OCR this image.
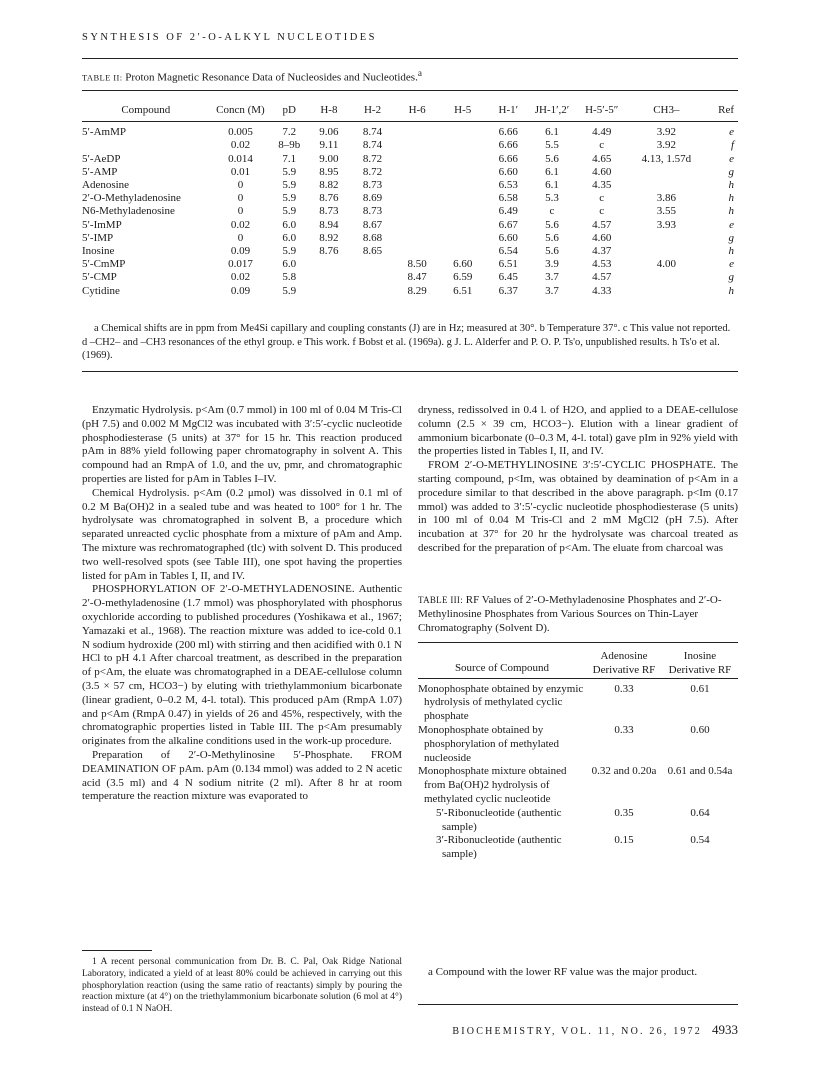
SYNTHESIS OF 2′-O-ALKYL NUCLEOTIDES
TABLE II: Proton Magnetic Resonance Data of Nucleosides and Nucleotides.$^a$
Compound	Concn (M)	pD	H-8	H-2	H-6	H-5	H-1′	JH-1′,2′	H-5′-5″	CH3–	Ref
5′-AmMP	0.005	7.2	9.06	8.74			6.66	6.1	4.49	3.92	e
	0.02	8–9b	9.11	8.74			6.66	5.5	c	3.92	f
5′-AeDP	0.014	7.1	9.00	8.72			6.66	5.6	4.65	4.13, 1.57d	e
5′-AMP	0.01	5.9	8.95	8.72			6.60	6.1	4.60		g
Adenosine	0	5.9	8.82	8.73			6.53	6.1	4.35		h
2′-O-Methyladenosine	0	5.9	8.76	8.69			6.58	5.3	c	3.86	h
N6-Methyladenosine	0	5.9	8.73	8.73			6.49	c	c	3.55	h
5′-ImMP	0.02	6.0	8.94	8.67			6.67	5.6	4.57	3.93	e
5′-IMP	0	6.0	8.92	8.68			6.60	5.6	4.60		g
Inosine	0.09	5.9	8.76	8.65			6.54	5.6	4.37		h
5′-CmMP	0.017	6.0			8.50	6.60	6.51	3.9	4.53	4.00	e
5′-CMP	0.02	5.8			8.47	6.59	6.45	3.7	4.57		g
Cytidine	0.09	5.9			8.29	6.51	6.37	3.7	4.33		h
a Chemical shifts are in ppm from Me4Si capillary and coupling constants (J) are in Hz; measured at 30°. b Temperature 37°. c This value not reported. d –CH2– and –CH3 resonances of the ethyl group. e This work. f Bobst et al. (1969a). g J. L. Alderfer and P. O. P. Ts'o, unpublished results. h Ts'o et al. (1969).

Enzymatic Hydrolysis. p<Am (0.7 mmol) in 100 ml of 0.04 M Tris-Cl (pH 7.5) and 0.002 M MgCl2 was incubated with 3′:5′-cyclic nucleotide phosphodiesterase (5 units) at 37° for 15 hr. This reaction produced pAm in 88% yield following paper chromatography in solvent A. This compound had an RmpA of 1.0, and the uv, pmr, and chromatographic properties are listed for pAm in Tables I–IV.

Chemical Hydrolysis. p<Am (0.2 μmol) was dissolved in 0.1 ml of 0.2 M Ba(OH)2 in a sealed tube and was heated to 100° for 1 hr. The hydrolysate was chromatographed in solvent B, a procedure which separated unreacted cyclic phosphate from a mixture of pAm and Amp. The mixture was rechromatographed (tlc) with solvent D. This produced two well-resolved spots (see Table III), one spot having the properties listed for pAm in Tables I, II, and IV.

PHOSPHORYLATION OF 2′-O-METHYLADENOSINE. Authentic 2′-O-methyladenosine (1.7 mmol) was phosphorylated with phosphorus oxychloride according to published procedures (Yoshikawa et al., 1967; Yamazaki et al., 1968). The reaction mixture was added to ice-cold 0.1 N sodium hydroxide (200 ml) with stirring and then acidified with 0.1 N HCl to pH 4.1 After charcoal treatment, as described in the preparation of p<Am, the eluate was chromatographed in a DEAE-cellulose column (3.5 × 57 cm, HCO3−) by eluting with triethylammonium bicarbonate (linear gradient, 0–0.2 M, 4-l. total). This produced pAm (RmpA 1.07) and p<Am (RmpA 0.47) in yields of 26 and 45%, respectively, with the chromatographic properties listed in Table III. The p<Am presumably originates from the alkaline conditions used in the work-up procedure.

Preparation of 2′-O-Methylinosine 5′-Phosphate. FROM DEAMINATION OF pAm. pAm (0.134 mmol) was added to 2 N acetic acid (3.5 ml) and 4 N sodium nitrite (2 ml). After 8 hr at room temperature the reaction mixture was evaporated to

1 A recent personal communication from Dr. B. C. Pal, Oak Ridge National Laboratory, indicated a yield of at least 80% could be achieved in carrying out this phosphorylation reaction (using the same ratio of reactants) simply by pouring the reaction mixture (at 4°) on the triethylammonium bicarbonate solution (6 mol at 4°) instead of 0.1 N NaOH.

dryness, redissolved in 0.4 l. of H2O, and applied to a DEAE-cellulose column (2.5 × 39 cm, HCO3−). Elution with a linear gradient of ammonium bicarbonate (0–0.3 M, 4-l. total) gave pIm in 92% yield with the properties listed in Tables I, II, and IV.

FROM 2′-O-METHYLINOSINE 3′:5′-CYCLIC PHOSPHATE. The starting compound, p<Im, was obtained by deamination of p<Am in a procedure similar to that described in the above paragraph. p<Im (0.17 mmol) was added to 3′:5′-cyclic nucleotide phosphodiesterase (5 units) in 100 ml of 0.04 M Tris-Cl and 2 mM MgCl2 (pH 7.5). After incubation at 37° for 20 hr the hydrolysate was charcoal treated as described for the preparation of p<Am. The eluate from charcoal was

TABLE III: RF Values of 2′-O-Methyladenosine Phosphates and 2′-O-Methylinosine Phosphates from Various Sources on Thin-Layer Chromatography (Solvent D).
Source of Compound	Adenosine Derivative RF	Inosine Derivative RF
Monophosphate obtained by enzymic hydrolysis of methylated cyclic phosphate	0.33	0.61
Monophosphate obtained by phosphorylation of methylated nucleoside	0.33	0.60
Monophosphate mixture obtained from Ba(OH)2 hydrolysis of methylated cyclic nucleotide	0.32 and 0.20a	0.61 and 0.54a
5′-Ribonucleotide (authentic sample)	0.35	0.64
3′-Ribonucleotide (authentic sample)	0.15	0.54
a Compound with the lower RF value was the major product.
BIOCHEMISTRY, VOL. 11, NO. 26, 1972 4933
